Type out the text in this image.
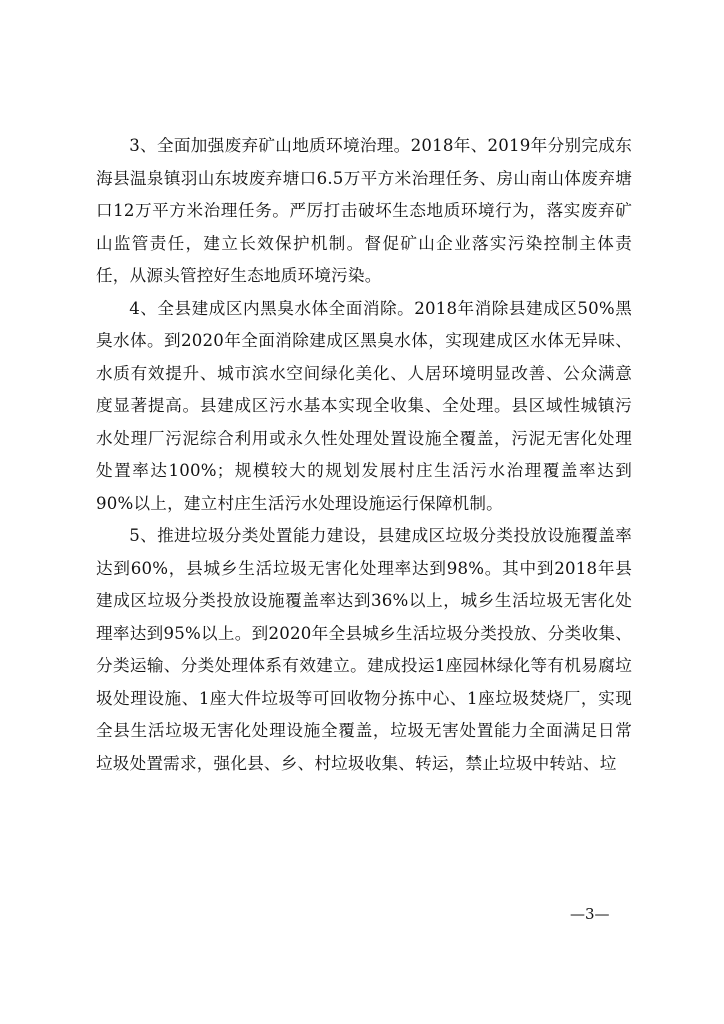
3、全面加强废弃矿山地质环境治理。2018年、2019年分别完成东海县温泉镇羽山东坡废弃塘口6.5万平方米治理任务、房山南山体废弃塘口12万平方米治理任务。严厉打击破坏生态地质环境行为，落实废弃矿山监管责任，建立长效保护机制。督促矿山企业落实污染控制主体责任，从源头管控好生态地质环境污染。

4、全县建成区内黑臭水体全面消除。2018年消除县建成区50%黑臭水体。到2020年全面消除建成区黑臭水体，实现建成区水体无异味、水质有效提升、城市滨水空间绿化美化、人居环境明显改善、公众满意度显著提高。县建成区污水基本实现全收集、全处理。县区域性城镇污水处理厂污泥综合利用或永久性处理处置设施全覆盖，污泥无害化处理处置率达100%；规模较大的规划发展村庄生活污水治理覆盖率达到90%以上，建立村庄生活污水处理设施运行保障机制。

5、推进垃圾分类处置能力建设，县建成区垃圾分类投放设施覆盖率达到60%，县城乡生活垃圾无害化处理率达到98%。其中到2018年县建成区垃圾分类投放设施覆盖率达到36%以上，城乡生活垃圾无害化处理率达到95%以上。到2020年全县城乡生活垃圾分类投放、分类收集、分类运输、分类处理体系有效建立。建成投运1座园林绿化等有机易腐垃圾处理设施、1座大件垃圾等可回收物分拣中心、1座垃圾焚烧厂，实现全县生活垃圾无害化处理设施全覆盖，垃圾无害处置能力全面满足日常垃圾处置需求，强化县、乡、村垃圾收集、转运，禁止垃圾中转站、垃

—3—
